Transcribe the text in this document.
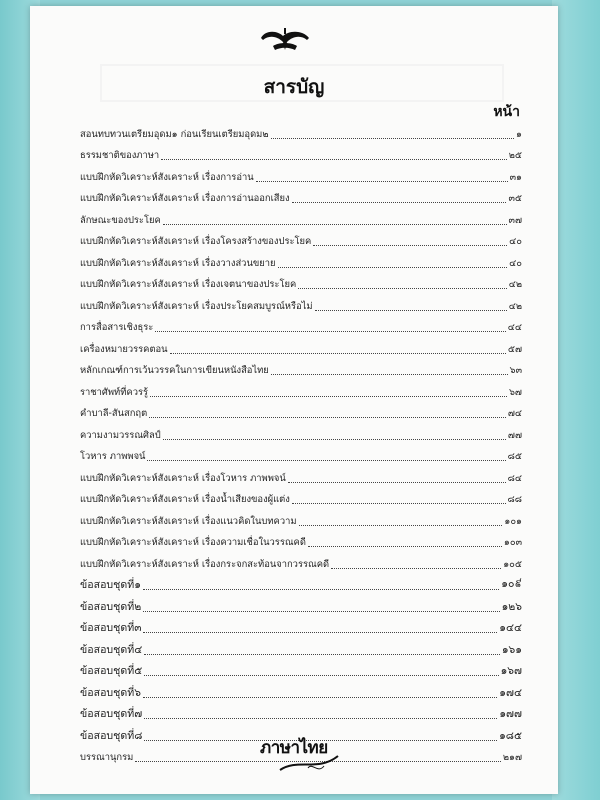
สารบัญ
หน้า
สอนทบทวนเตรียมอุดม๑ ก่อนเรียนเตรียมอุดม๒	๑
ธรรมชาติของภาษา	๒๕
แบบฝึกหัดวิเคราะห์สังเคราะห์ เรื่องการอ่าน	๓๑
แบบฝึกหัดวิเคราะห์สังเคราะห์ เรื่องการอ่านออกเสียง	๓๕
ลักษณะของประโยค	๓๗
แบบฝึกหัดวิเคราะห์สังเคราะห์ เรื่องโครงสร้างของประโยค	๔๐
แบบฝึกหัดวิเคราะห์สังเคราะห์ เรื่องวางส่วนขยาย	๔๐
แบบฝึกหัดวิเคราะห์สังเคราะห์ เรื่องเจตนาของประโยค	๔๒
แบบฝึกหัดวิเคราะห์สังเคราะห์ เรื่องประโยคสมบูรณ์หรือไม่	๔๒
การสื่อสารเชิงธุระ	๔๔
เครื่องหมายวรรคตอน	๕๗
หลักเกณฑ์การเว้นวรรคในการเขียนหนังสือไทย	๖๓
ราชาศัพท์ที่ควรรู้	๖๗
คำบาลี-สันสกฤต	๗๔
ความงามวรรณศิลป์	๗๗
โวหาร ภาพพจน์	๘๕
แบบฝึกหัดวิเคราะห์สังเคราะห์ เรื่องโวหาร ภาพพจน์	๘๔
แบบฝึกหัดวิเคราะห์สังเคราะห์ เรื่องน้ำเสียงของผู้แต่ง	๘๘
แบบฝึกหัดวิเคราะห์สังเคราะห์ เรื่องแนวคิดในบทความ	๑๐๑
แบบฝึกหัดวิเคราะห์สังเคราะห์ เรื่องความเชื่อในวรรณคดี	๑๐๓
แบบฝึกหัดวิเคราะห์สังเคราะห์ เรื่องกระจกสะท้อนจากวรรณคดี	๑๐๕
ข้อสอบชุดที่๑	๑๐៩
ข้อสอบชุดที่๒	๑๒๖
ข้อสอบชุดที่๓	๑๔๔
ข้อสอบชุดที่๔	๑๖๑
ข้อสอบชุดที่๕	๑๖๗
ข้อสอบชุดที่๖	๑๗๔
ข้อสอบชุดที่๗	๑๗๗
ข้อสอบชุดที่๘	๑๘๕
บรรณานุกรม	๒๑๗
ภาษาไทย
